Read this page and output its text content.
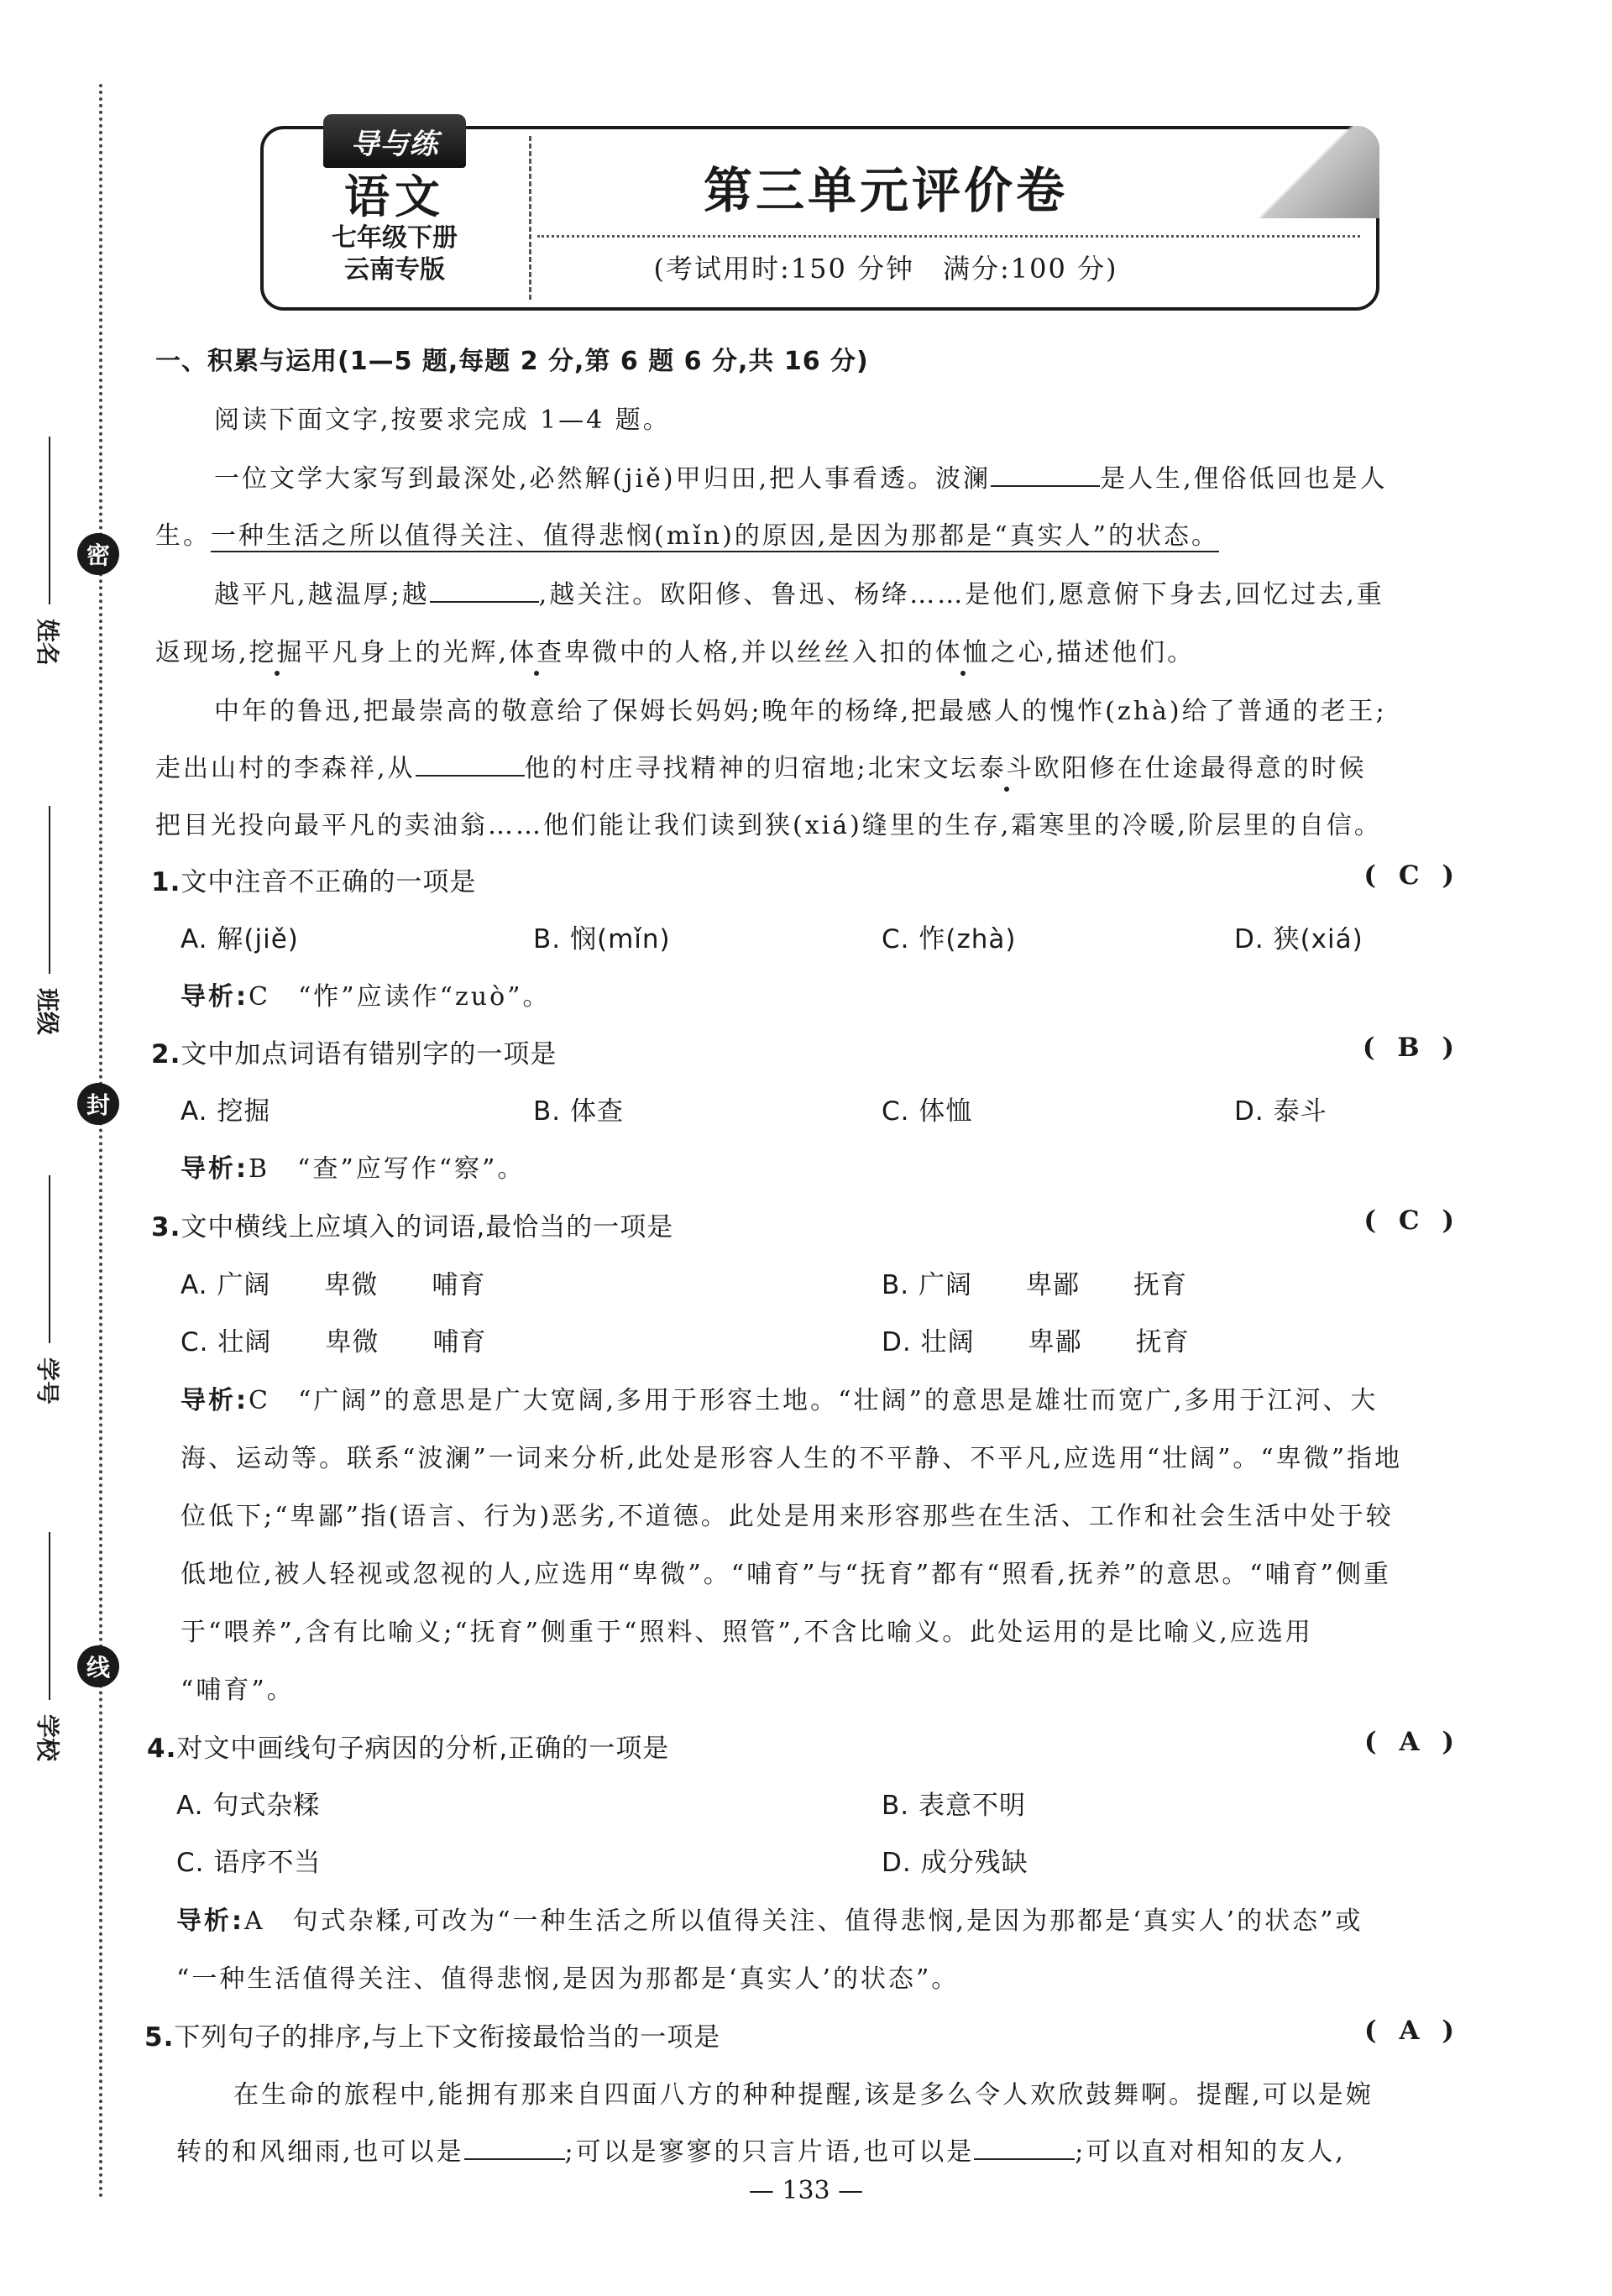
密
封
线
姓名
班级
学号
学校
导与练
语文
七年级下册
云南专版
第三单元评价卷
(考试用时:150 分钟　满分:100 分)
一、积累与运用(1—5 题,每题 2 分,第 6 题 6 分,共 16 分)
阅读下面文字,按要求完成 1—4 题。
一位文学大家写到最深处,必然解(jiě)甲归田,把人事看透。波澜	是人生,俚俗低回也是人
生。一种生活之所以值得关注、值得悲悯(mǐn)的原因,是因为那都是“真实人”的状态。
越平凡,越温厚;越	,越关注。欧阳修、鲁迅、杨绛……是他们,愿意俯下身去,回忆过去,重
返现场,挖掘平凡身上的光辉,体查卑微中的人格,并以丝丝入扣的体恤之心,描述他们。
中年的鲁迅,把最崇高的敬意给了保姆长妈妈;晚年的杨绛,把最感人的愧怍(zhà)给了普通的老王;
走出山村的李森祥,从	他的村庄寻找精神的归宿地;北宋文坛泰斗欧阳修在仕途最得意的时候
把目光投向最平凡的卖油翁……他们能让我们读到狭(xiá)缝里的生存,霜寒里的冷暖,阶层里的自信。
1.文中注音不正确的一项是	( C )
A. 解(jiě)	B. 悯(mǐn)	C. 怍(zhà)	D. 狭(xiá)
导析:C　“怍”应读作“zuò”。
2.文中加点词语有错别字的一项是	( B )
A. 挖掘	B. 体查	C. 体恤	D. 泰斗
导析:B　“查”应写作“察”。
3.文中横线上应填入的词语,最恰当的一项是	( C )
A. 广阔　　卑微　　哺育	B. 广阔　　卑鄙　　抚育
C. 壮阔　　卑微　　哺育	D. 壮阔　　卑鄙　　抚育
导析:C　“广阔”的意思是广大宽阔,多用于形容土地。“壮阔”的意思是雄壮而宽广,多用于江河、大
海、运动等。联系“波澜”一词来分析,此处是形容人生的不平静、不平凡,应选用“壮阔”。“卑微”指地
位低下;“卑鄙”指(语言、行为)恶劣,不道德。此处是用来形容那些在生活、工作和社会生活中处于较
低地位,被人轻视或忽视的人,应选用“卑微”。“哺育”与“抚育”都有“照看,抚养”的意思。“哺育”侧重
于“喂养”,含有比喻义;“抚育”侧重于“照料、照管”,不含比喻义。此处运用的是比喻义,应选用
“哺育”。
4.对文中画线句子病因的分析,正确的一项是	( A )
A. 句式杂糅	B. 表意不明
C. 语序不当	D. 成分残缺
导析:A　句式杂糅,可改为“一种生活之所以值得关注、值得悲悯,是因为那都是‘真实人’的状态”或
“一种生活值得关注、值得悲悯,是因为那都是‘真实人’的状态”。
5.下列句子的排序,与上下文衔接最恰当的一项是	( A )
在生命的旅程中,能拥有那来自四面八方的种种提醒,该是多么令人欢欣鼓舞啊。提醒,可以是婉
转的和风细雨,也可以是	;可以是寥寥的只言片语,也可以是	;可以直对相知的友人,
— 133 —
